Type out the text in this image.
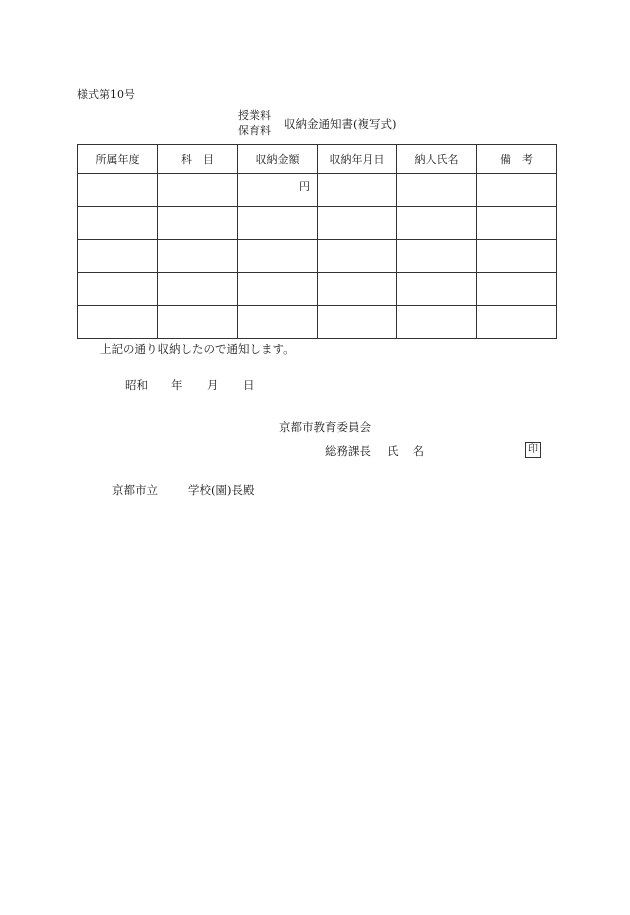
様式第10号
授業料
保育料 収納金通知書(複写式)
所属年度	科　目	収納金額	収納年月日	納人氏名	備　考
		円			

上記の通り収納したので通知します。
昭和 年 月 日
京都市教育委員会
総務課長 氏 名	印
京都市立	学校(園)長殿
